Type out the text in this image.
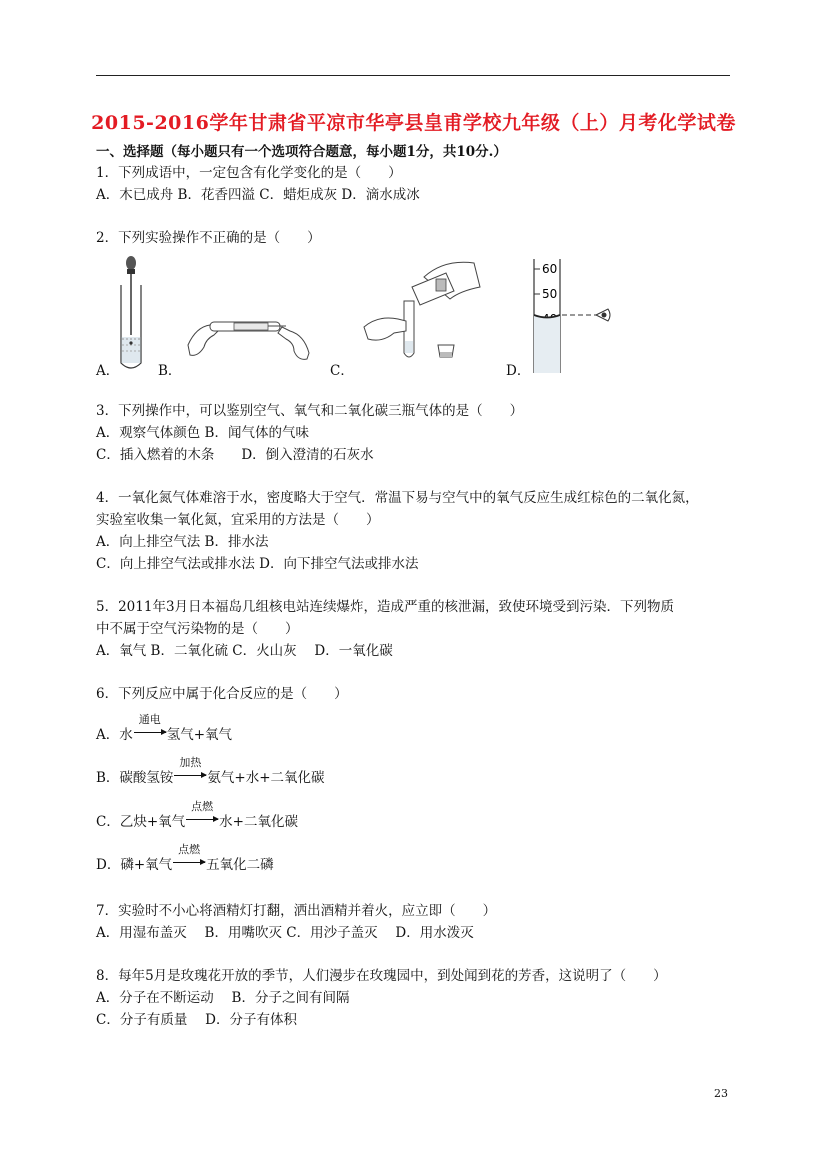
2015-2016学年甘肃省平凉市华亭县皇甫学校九年级（上）月考化学试卷
一、选择题（每小题只有一个选项符合题意，每小题1分，共10分.）
1．下列成语中，一定包含有化学变化的是（　　）
A．木已成舟 B．花香四溢 C．蜡炬成灰 D．滴水成冰
2．下列实验操作不正确的是（　　）
A．	B．	C．
60
50
D．
3．下列操作中，可以鉴别空气、氧气和二氧化碳三瓶气体的是（　　）
A．观察气体颜色 B．闻气体的气味
C．插入燃着的木条　　D．倒入澄清的石灰水
4．一氧化氮气体难溶于水，密度略大于空气．常温下易与空气中的氧气反应生成红棕色的二氧化氮，
实验室收集一氧化氮，宜采用的方法是（　　）
A．向上排空气法 B．排水法
C．向上排空气法或排水法 D．向下排空气法或排水法
5．2011年3月日本福岛几组核电站连续爆炸，造成严重的核泄漏，致使环境受到污染．下列物质
中不属于空气污染物的是（　　）
A．氧气 B．二氧化硫 C．火山灰　 D．一氧化碳
6．下列反应中属于化合反应的是（　　）
A．水
通电
氢气+氧气
B．碳酸氢铵
加热
氨气+水+二氧化碳
C．乙炔+氧气
点燃
水+二氧化碳
D．磷+氧气
点燃
五氧化二磷
7．实验时不小心将酒精灯打翻，洒出酒精并着火，应立即（　　）
A．用湿布盖灭　 B．用嘴吹灭 C．用沙子盖灭　 D．用水泼灭
8．每年5月是玫瑰花开放的季节，人们漫步在玫瑰园中，到处闻到花的芳香，这说明了（　　）
A．分子在不断运动　 B．分子之间有间隔
C．分子有质量　 D．分子有体积
23
